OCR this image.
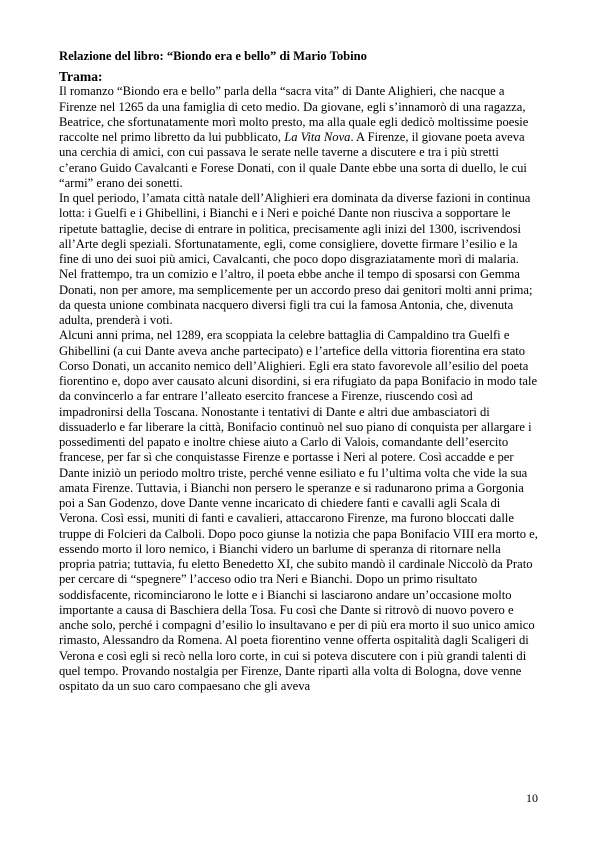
Relazione del libro: “Biondo era e bello” di Mario Tobino
Trama:

Il romanzo “Biondo era e bello” parla della “sacra vita” di Dante Alighieri, che nacque a Firenze nel 1265 da una famiglia di ceto medio. Da giovane, egli s’innamorò di una ragazza, Beatrice, che sfortunatamente morì molto presto, ma alla quale egli dedicò moltissime poesie raccolte nel primo libretto da lui pubblicato, La Vita Nova. A Firenze, il giovane poeta aveva una cerchia di amici, con cui passava le serate nelle taverne a discutere e tra i più stretti c’erano Guido Cavalcanti e Forese Donati, con il quale Dante ebbe una sorta di duello, le cui “armi” erano dei sonetti.

In quel periodo, l’amata città natale dell’Alighieri era dominata da diverse fazioni in continua lotta: i Guelfi e i Ghibellini, i Bianchi e i Neri e poiché Dante non riusciva a sopportare le ripetute battaglie, decise di entrare in politica, precisamente agli inizi del 1300, iscrivendosi all’Arte degli speziali. Sfortunatamente, egli, come consigliere, dovette firmare l’esilio e la fine di uno dei suoi più amici, Cavalcanti, che poco dopo disgraziatamente morì di malaria. Nel frattempo, tra un comizio e l’altro, il poeta ebbe anche il tempo di sposarsi con Gemma Donati, non per amore, ma semplicemente per un accordo preso dai genitori molti anni prima; da questa unione combinata nacquero diversi figli tra cui la famosa Antonia, che, divenuta adulta, prenderà i voti.

Alcuni anni prima, nel 1289, era scoppiata la celebre battaglia di Campaldino tra Guelfi e Ghibellini (a cui Dante aveva anche partecipato) e l’artefice della vittoria fiorentina era stato Corso Donati, un accanito nemico dell’Alighieri. Egli era stato favorevole all’esilio del poeta fiorentino e, dopo aver causato alcuni disordini, si era rifugiato da papa Bonifacio in modo tale da convincerlo a far entrare l’alleato esercito francese a Firenze, riuscendo così ad impadronirsi della Toscana. Nonostante i tentativi di Dante e altri due ambasciatori di dissuaderlo e far liberare la città, Bonifacio continuò nel suo piano di conquista per allargare i possedimenti del papato e inoltre chiese aiuto a Carlo di Valois, comandante dell’esercito francese, per far sì che conquistasse Firenze e portasse i Neri al potere. Così accadde e per Dante iniziò un periodo moltro triste, perché venne esiliato e fu l’ultima volta che vide la sua amata Firenze. Tuttavia, i Bianchi non persero le speranze e si radunarono prima a Gorgonia poi a San Godenzo, dove Dante venne incaricato di chiedere fanti e cavalli agli Scala di Verona. Così essi, muniti di fanti e cavalieri, attaccarono Firenze, ma furono bloccati dalle truppe di Folcieri da Calboli. Dopo poco giunse la notizia che papa Bonifacio VIII era morto e, essendo morto il loro nemico, i Bianchi videro un barlume di speranza di ritornare nella propria patria; tuttavia, fu eletto Benedetto XI, che subito mandò il cardinale Niccolò da Prato per cercare di “spegnere” l’acceso odio tra Neri e Bianchi. Dopo un primo risultato soddisfacente, ricominciarono le lotte e i Bianchi si lasciarono andare un’occasione molto importante a causa di Baschiera della Tosa. Fu così che Dante si ritrovò di nuovo povero e anche solo, perché i compagni d’esilio lo insultavano e per di più era morto il suo unico amico rimasto, Alessandro da Romena. Al poeta fiorentino venne offerta ospitalità dagli Scaligeri di Verona e così egli si recò nella loro corte, in cui si poteva discutere con i più grandi talenti di quel tempo. Provando nostalgia per Firenze, Dante ripartì alla volta di Bologna, dove venne ospitato da un suo caro compaesano che gli aveva

10
